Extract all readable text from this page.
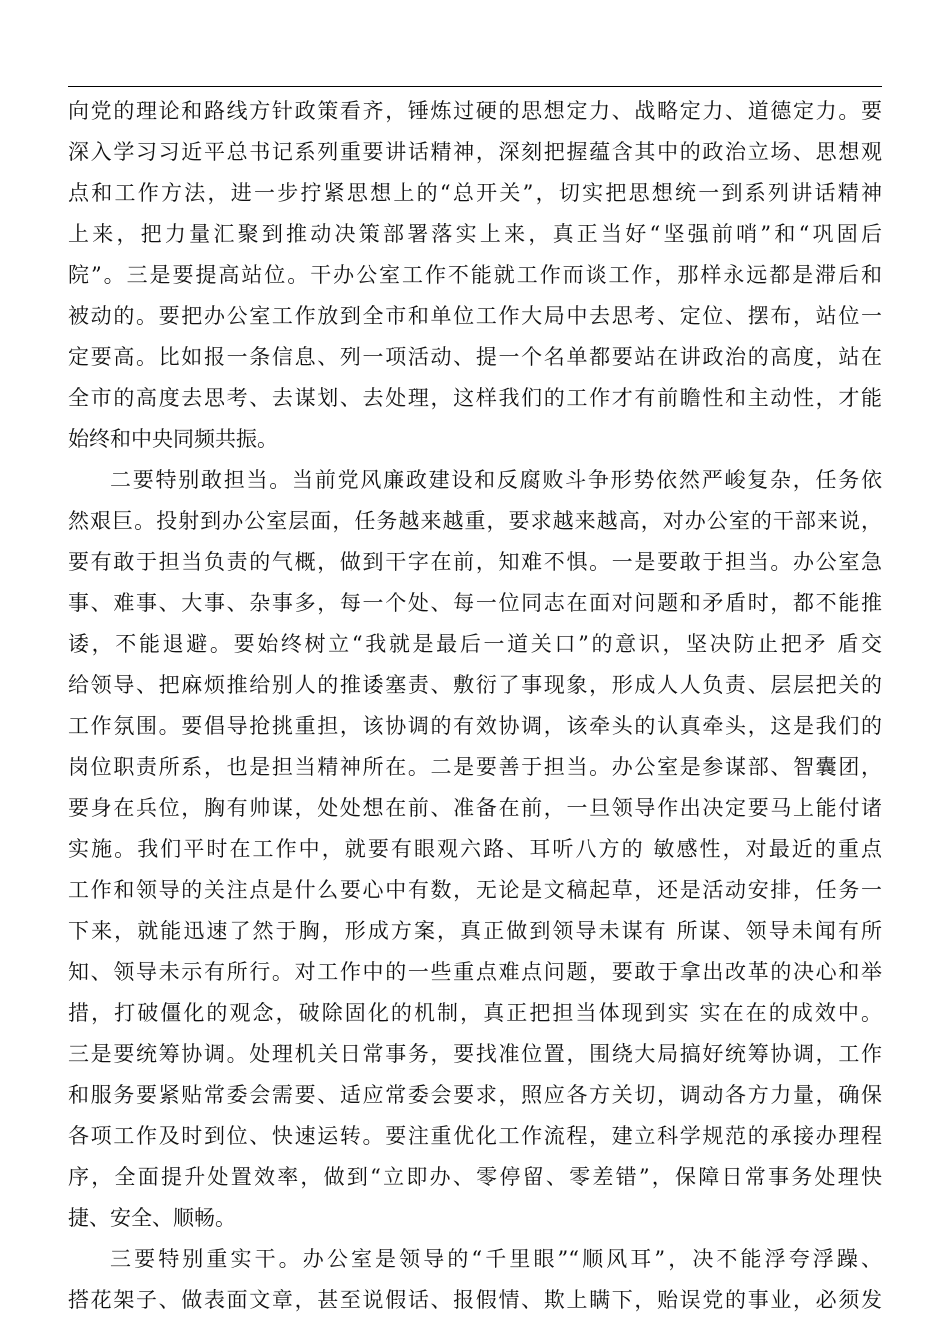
向党的理论和路线方针政策看齐，锤炼过硬的思想定力、战略定力、道德定力。要
深入学习习近平总书记系列重要讲话精神，深刻把握蕴含其中的政治立场、思想观
点和工作方法，进一步拧紧思想上的“总开关”，切实把思想统一到系列讲话精神
上来，把力量汇聚到推动决策部署落实上来，真正当好“坚强前哨”和“巩固后
院”。三是要提高站位。干办公室工作不能就工作而谈工作，那样永远都是滞后和
被动的。要把办公室工作放到全市和单位工作大局中去思考、定位、摆布，站位一
定要高。比如报一条信息、列一项活动、提一个名单都要站在讲政治的高度，站在
全市的高度去思考、去谋划、去处理，这样我们的工作才有前瞻性和主动性，才能
始终和中央同频共振。
二要特别敢担当。当前党风廉政建设和反腐败斗争形势依然严峻复杂，任务依
然艰巨。投射到办公室层面，任务越来越重，要求越来越高，对办公室的干部来说，
要有敢于担当负责的气概，做到干字在前，知难不惧。一是要敢于担当。办公室急
事、难事、大事、杂事多，每一个处、每一位同志在面对问题和矛盾时，都不能推
诿，不能退避。要始终树立“我就是最后一道关口”的意识，坚决防止把矛 盾交
给领导、把麻烦推给别人的推诿塞责、敷衍了事现象，形成人人负责、层层把关的
工作氛围。要倡导抢挑重担，该协调的有效协调，该牵头的认真牵头，这是我们的
岗位职责所系，也是担当精神所在。二是要善于担当。办公室是参谋部、智囊团，
要身在兵位，胸有帅谋，处处想在前、准备在前，一旦领导作出决定要马上能付诸
实施。我们平时在工作中，就要有眼观六路、耳听八方的 敏感性，对最近的重点
工作和领导的关注点是什么要心中有数，无论是文稿起草，还是活动安排，任务一
下来，就能迅速了然于胸，形成方案，真正做到领导未谋有 所谋、领导未闻有所
知、领导未示有所行。对工作中的一些重点难点问题，要敢于拿出改革的决心和举
措，打破僵化的观念，破除固化的机制，真正把担当体现到实 实在在的成效中。
三是要统筹协调。处理机关日常事务，要找准位置，围绕大局搞好统筹协调，工作
和服务要紧贴常委会需要、适应常委会要求，照应各方关切，调动各方力量，确保
各项工作及时到位、快速运转。要注重优化工作流程，建立科学规范的承接办理程
序，全面提升处置效率，做到“立即办、零停留、零差错”，保障日常事务处理快
捷、安全、顺畅。
三要特别重实干。办公室是领导的“千里眼”“顺风耳”，决不能浮夸浮躁、
搭花架子、做表面文章，甚至说假话、报假情、欺上瞒下，贻误党的事业，必须发
